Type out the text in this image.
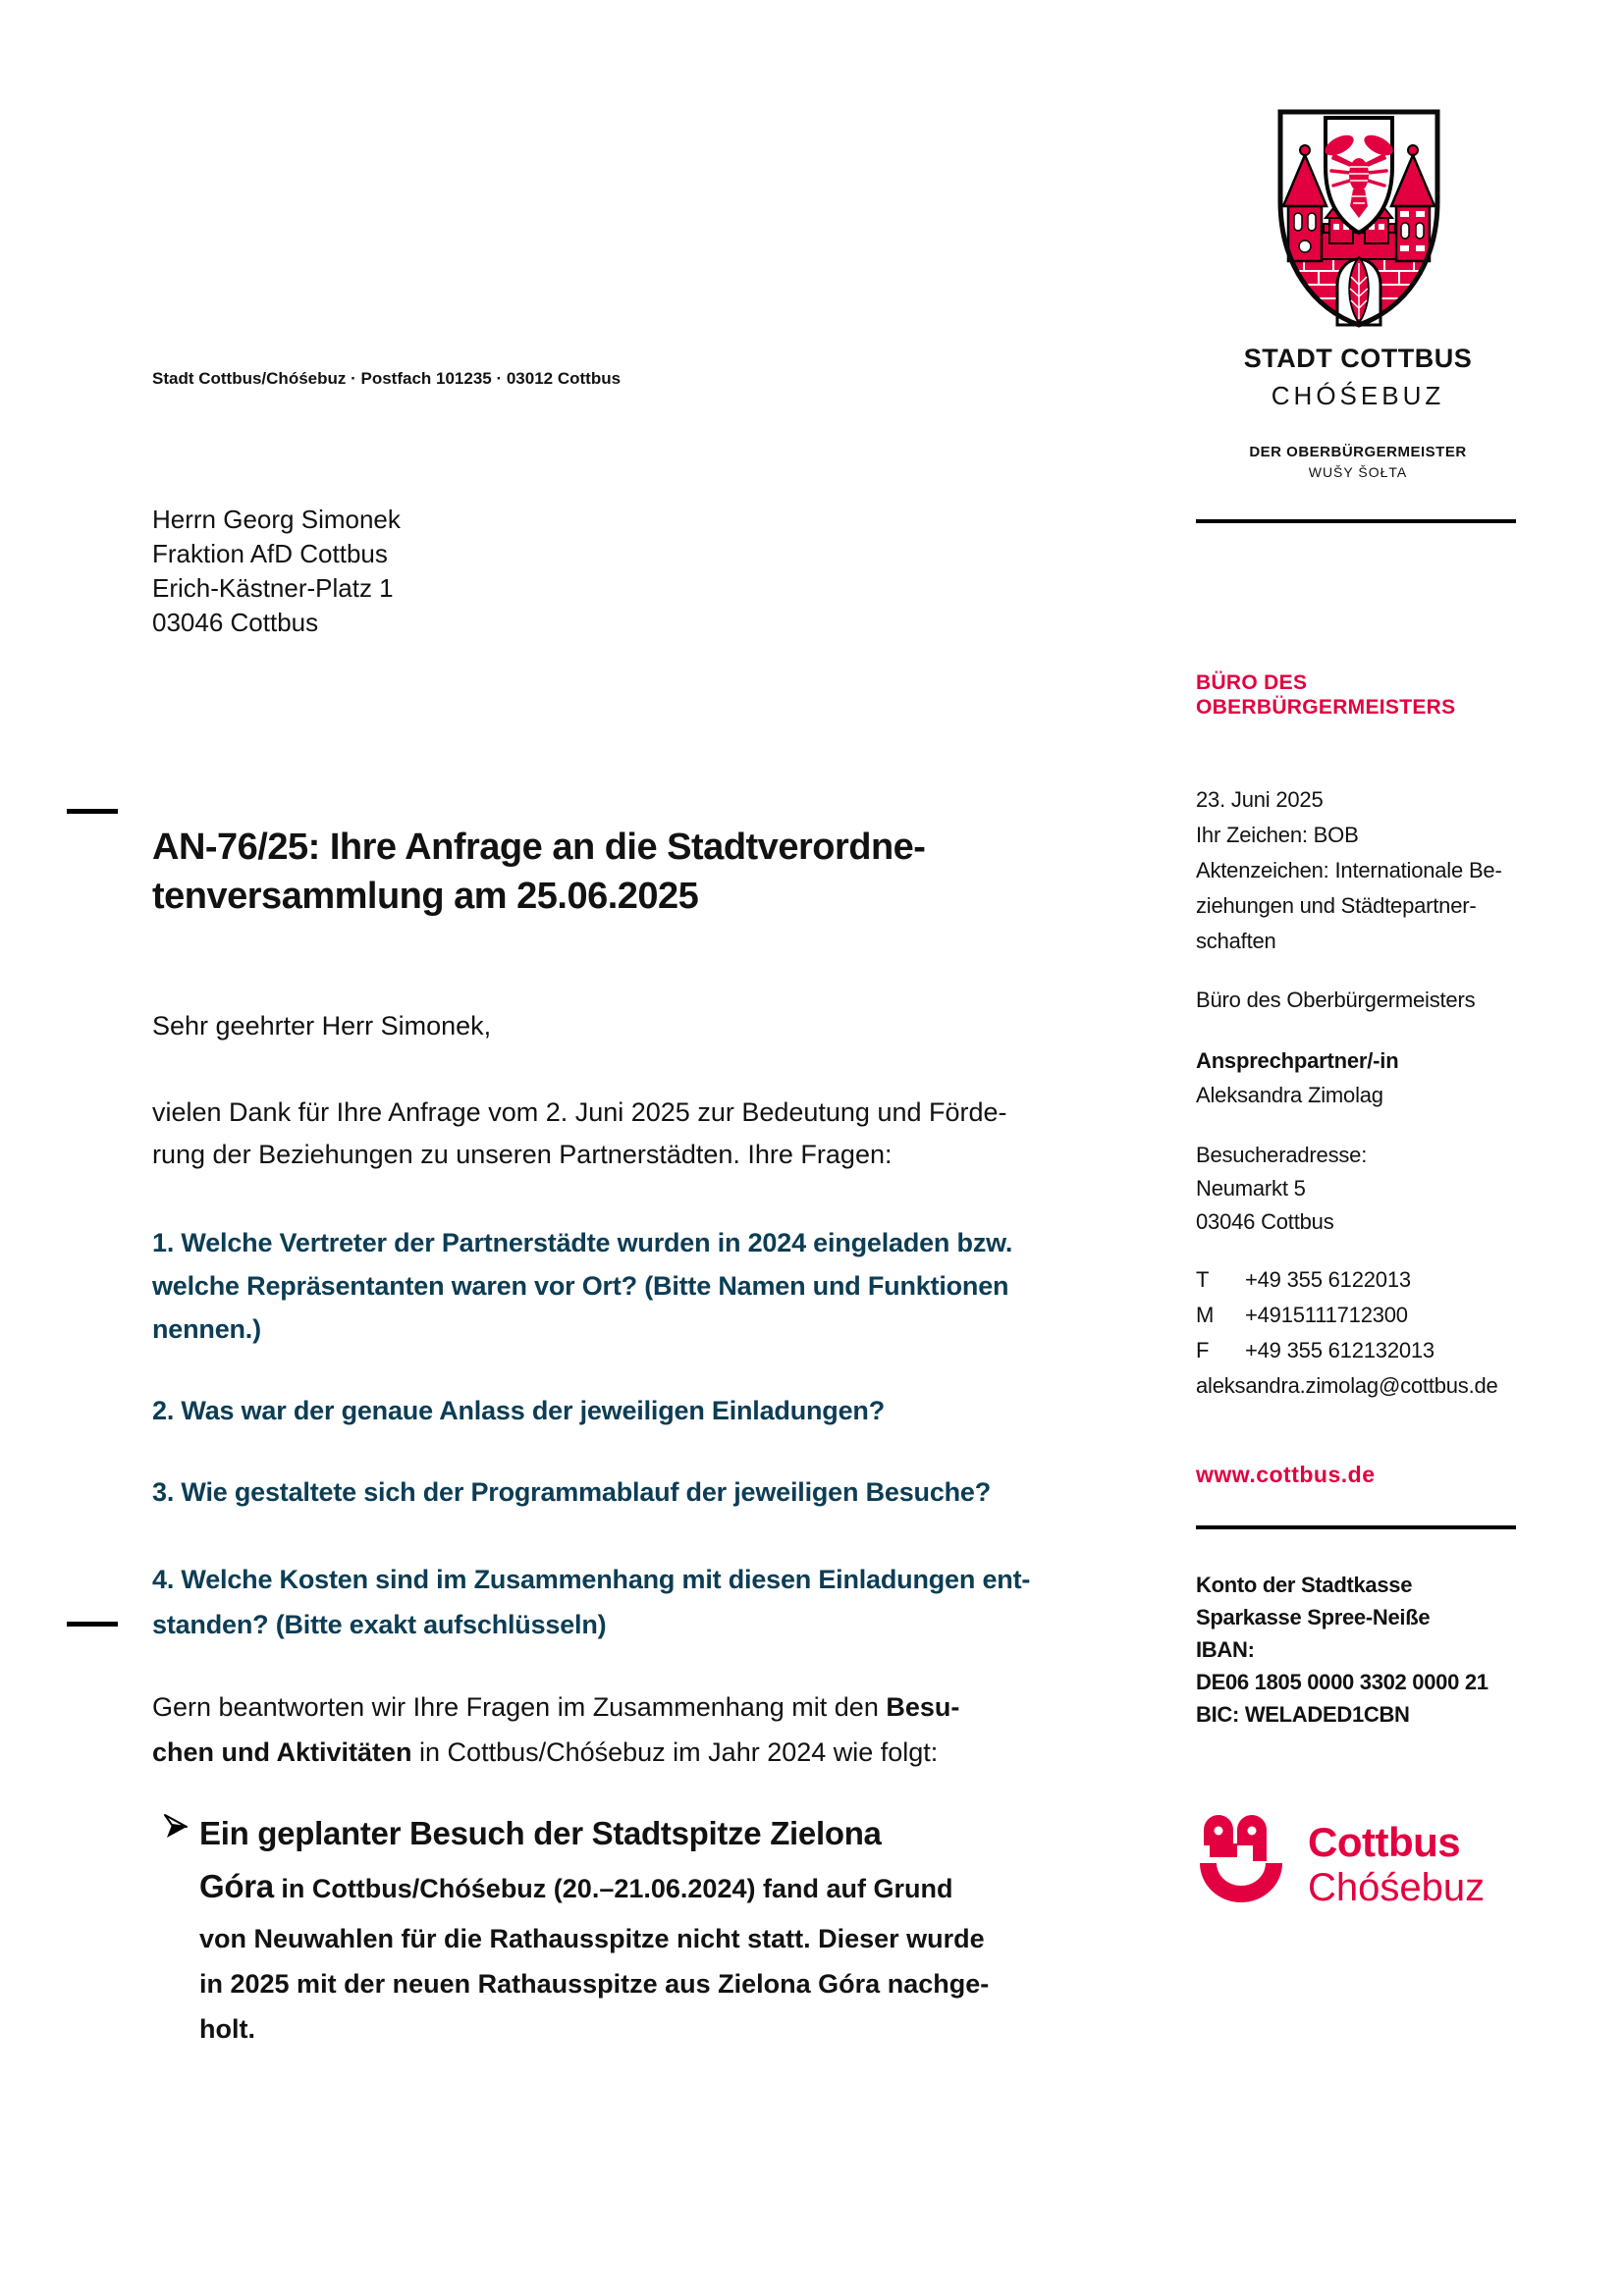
Stadt Cottbus/Chóśebuz · Postfach 101235 · 03012 Cottbus
Herrn Georg Simonek
Fraktion AfD Cottbus
Erich-Kästner-Platz 1
03046 Cottbus
AN-76/25: Ihre Anfrage an die Stadtverordne-
tenversammlung am 25.06.2025
Sehr geehrter Herr Simonek,
vielen Dank für Ihre Anfrage vom 2. Juni 2025 zur Bedeutung und Förde-
rung der Beziehungen zu unseren Partnerstädten. Ihre Fragen:
1. Welche Vertreter der Partnerstädte wurden in 2024 eingeladen bzw.
welche Repräsentanten waren vor Ort? (Bitte Namen und Funktionen
nennen.)
2. Was war der genaue Anlass der jeweiligen Einladungen?
3. Wie gestaltete sich der Programmablauf der jeweiligen Besuche?
4. Welche Kosten sind im Zusammenhang mit diesen Einladungen ent-
standen? (Bitte exakt aufschlüsseln)
Gern beantworten wir Ihre Fragen im Zusammenhang mit den Besu-
chen und Aktivitäten in Cottbus/Chóśebuz im Jahr 2024 wie folgt:
Ein geplanter Besuch der Stadtspitze Zielona
Góra in Cottbus/Chóśebuz (20.–21.06.2024) fand auf Grund
von Neuwahlen für die Rathausspitze nicht statt. Dieser wurde
in 2025 mit der neuen Rathausspitze aus Zielona Góra nachge-
holt.
STADT COTTBUS
CHÓŚEBUZ
DER OBERBÜRGERMEISTER
WUŠY ŠOŁTA
BÜRO DES
OBERBÜRGERMEISTERS
23. Juni 2025
Ihr Zeichen: BOB
Aktenzeichen: Internationale Be-
ziehungen und Städtepartner-
schaften
Büro des Oberbürgermeisters
Ansprechpartner/-in
Aleksandra Zimolag
Besucheradresse:
Neumarkt 5
03046 Cottbus
T +49 355 6122013
M +4915111712300
F +49 355 612132013
aleksandra.zimolag@cottbus.de
www.cottbus.de
Konto der Stadtkasse
Sparkasse Spree-Neiße
IBAN:
DE06 1805 0000 3302 0000 21
BIC: WELADED1CBN
Cottbus
Chóśebuz
